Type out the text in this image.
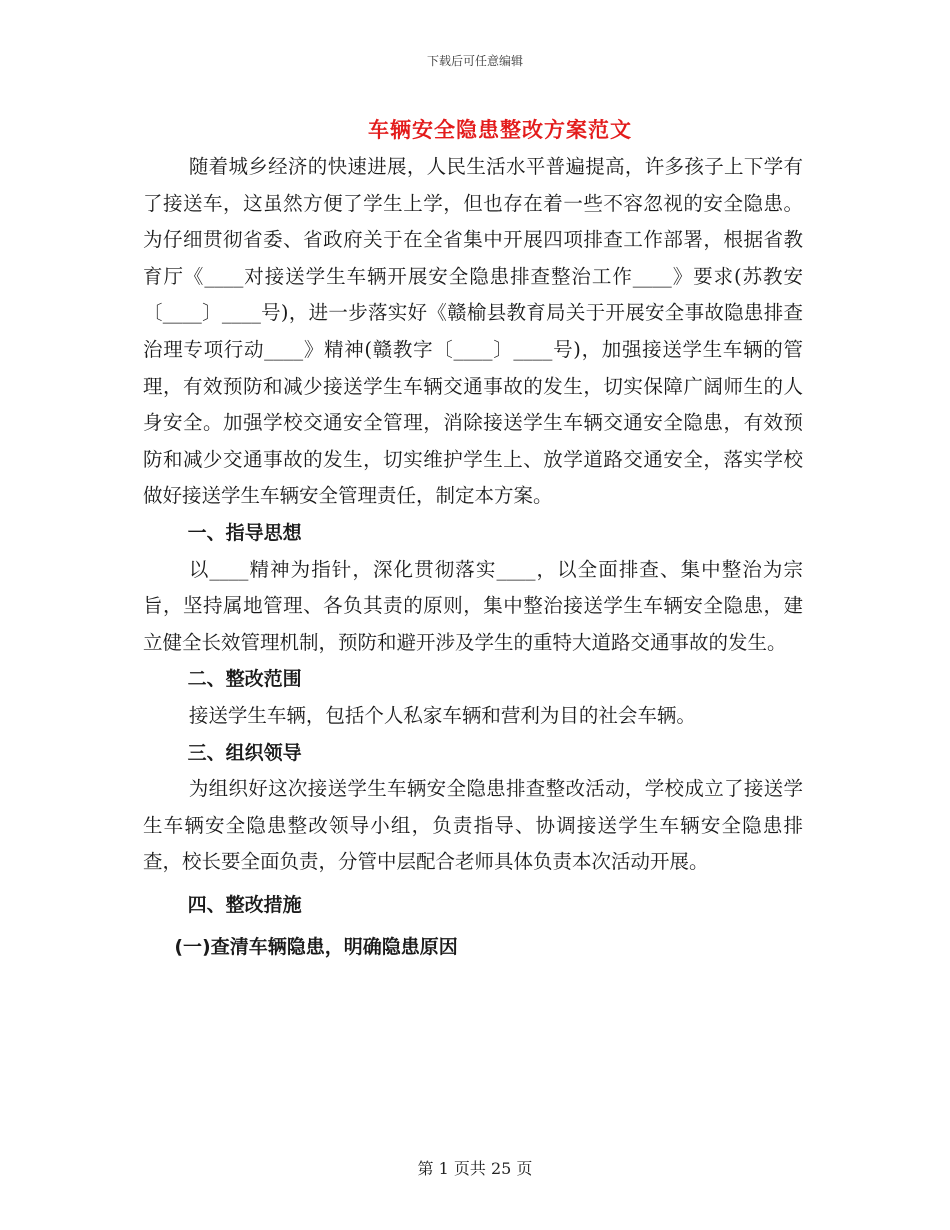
下载后可任意编辑
车辆安全隐患整改方案范文

随着城乡经济的快速进展，人民生活水平普遍提高，许多孩子上下学有了接送车，这虽然方便了学生上学，但也存在着一些不容忽视的安全隐患。为仔细贯彻省委、省政府关于在全省集中开展四项排查工作部署，根据省教育厅《____对接送学生车辆开展安全隐患排查整治工作____》要求(苏教安〔____〕____号)，进一步落实好《赣榆县教育局关于开展安全事故隐患排查治理专项行动____》精神(赣教字〔____〕____号)，加强接送学生车辆的管理，有效预防和减少接送学生车辆交通事故的发生，切实保障广阔师生的人身安全。加强学校交通安全管理，消除接送学生车辆交通安全隐患，有效预防和减少交通事故的发生，切实维护学生上、放学道路交通安全，落实学校做好接送学生车辆安全管理责任，制定本方案。

一、指导思想

以____精神为指针，深化贯彻落实____，以全面排查、集中整治为宗旨，坚持属地管理、各负其责的原则，集中整治接送学生车辆安全隐患，建立健全长效管理机制，预防和避开涉及学生的重特大道路交通事故的发生。

二、整改范围

接送学生车辆，包括个人私家车辆和营利为目的社会车辆。

三、组织领导

为组织好这次接送学生车辆安全隐患排查整改活动，学校成立了接送学生车辆安全隐患整改领导小组，负责指导、协调接送学生车辆安全隐患排查，校长要全面负责，分管中层配合老师具体负责本次活动开展。

四、整改措施
(一)查清车辆隐患，明确隐患原因
第 1 页共 25 页
